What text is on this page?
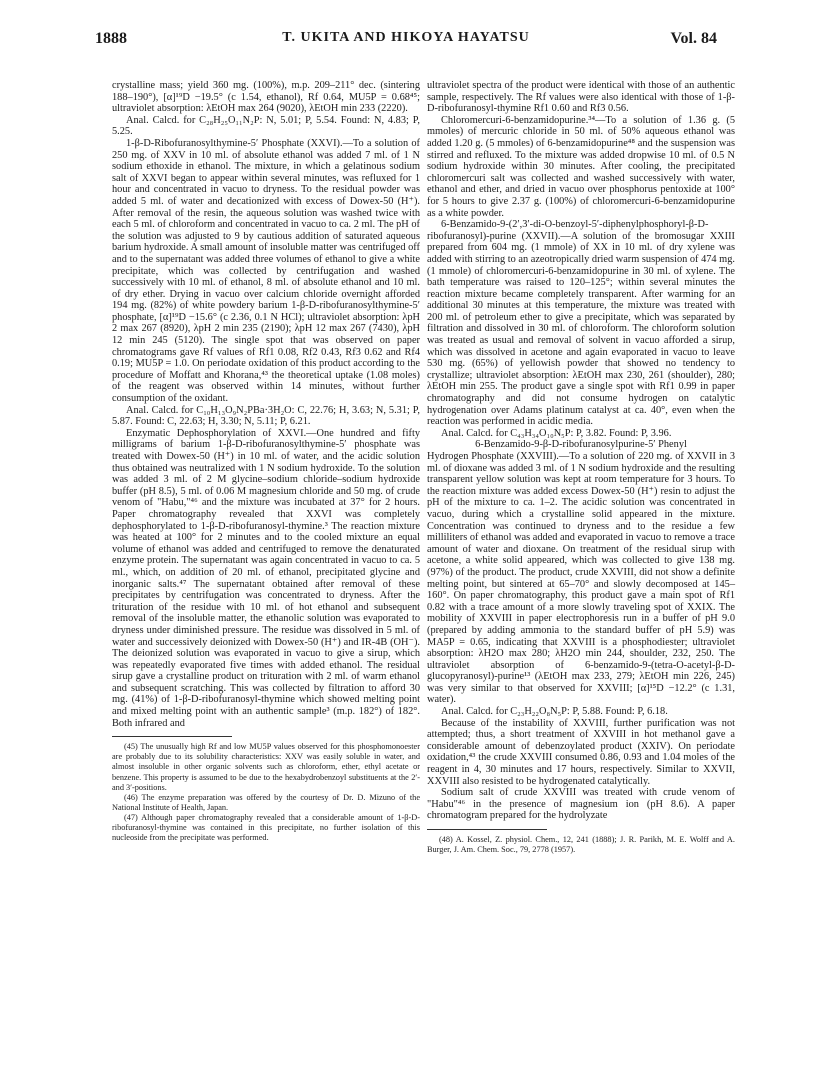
1888	T. UKITA AND HIKOYA HAYATSU	Vol. 84

crystalline mass; yield 360 mg. (100%), m.p. 209–211° dec. (sintering 188–190°), [α]¹⁹D −19.5° (c 1.54, ethanol), Rf 0.64, MU5P = 0.68⁴⁵; ultraviolet absorption: λEtOH max 264 (9020), λEtOH min 233 (2220).

Anal. Calcd. for C₂₈H₂₅O₁₁N₂P: N, 5.01; P, 5.54. Found: N, 4.83; P, 5.25.

1-β-D-Ribofuranosylthymine-5′ Phosphate (XXVI).—To a solution of 250 mg. of XXV in 10 ml. of absolute ethanol was added 7 ml. of 1 N sodium ethoxide in ethanol. The mixture, in which a gelatinous sodium salt of XXVI began to appear within several minutes, was refluxed for 1 hour and concentrated in vacuo to dryness. To the residual powder was added 5 ml. of water and decationized with excess of Dowex-50 (H⁺). After removal of the resin, the aqueous solution was washed twice with each 5 ml. of chloroform and concentrated in vacuo to ca. 2 ml. The pH of the solution was adjusted to 9 by cautious addition of saturated aqueous barium hydroxide. A small amount of insoluble matter was centrifuged off and to the supernatant was added three volumes of ethanol to give a white precipitate, which was collected by centrifugation and washed successively with 10 ml. of ethanol, 8 ml. of absolute ethanol and 10 ml. of dry ether. Drying in vacuo over calcium chloride overnight afforded 194 mg. (82%) of white powdery barium 1-β-D-ribofuranosylthymine-5′ phosphate, [α]¹⁹D −15.6° (c 2.36, 0.1 N HCl); ultraviolet absorption: λpH 2 max 267 (8920), λpH 2 min 235 (2190); λpH 12 max 267 (7430), λpH 12 min 245 (5120). The single spot that was observed on paper chromatograms gave Rf values of Rf1 0.08, Rf2 0.43, Rf3 0.62 and Rf4 0.19; MU5P = 1.0. On periodate oxidation of this product according to the procedure of Moffatt and Khorana,⁴³ the theoretical uptake (1.08 moles) of the reagent was observed within 14 minutes, without further consumption of the oxidant.

Anal. Calcd. for C₁₀H₁₃O₉N₂PBa·3H₂O: C, 22.76; H, 3.63; N, 5.31; P, 5.87. Found: C, 22.63; H, 3.30; N, 5.11; P, 6.21.

Enzymatic Dephosphorylation of XXVI.—One hundred and fifty milligrams of barium 1-β-D-ribofuranosylthymine-5′ phosphate was treated with Dowex-50 (H⁺) in 10 ml. of water, and the acidic solution thus obtained was neutralized with 1 N sodium hydroxide. To the solution was added 3 ml. of 2 M glycine–sodium chloride–sodium hydroxide buffer (pH 8.5), 5 ml. of 0.06 M magnesium chloride and 50 mg. of crude venom of "Habu,"⁴⁶ and the mixture was incubated at 37° for 2 hours. Paper chromatography revealed that XXVI was completely dephosphorylated to 1-β-D-ribofuranosyl-thymine.³ The reaction mixture was heated at 100° for 2 minutes and to the cooled mixture an equal volume of ethanol was added and centrifuged to remove the denaturated enzyme protein. The supernatant was again concentrated in vacuo to ca. 5 ml., which, on addition of 20 ml. of ethanol, precipitated glycine and inorganic salts.⁴⁷ The supernatant obtained after removal of these precipitates by centrifugation was concentrated to dryness. After the trituration of the residue with 10 ml. of hot ethanol and subsequent removal of the insoluble matter, the ethanolic solution was evaporated to dryness under diminished pressure. The residue was dissolved in 5 ml. of water and successively deionized with Dowex-50 (H⁺) and IR-4B (OH⁻). The deionized solution was evaporated in vacuo to give a sirup, which was repeatedly evaporated five times with added ethanol. The residual sirup gave a crystalline product on trituration with 2 ml. of warm ethanol and subsequent scratching. This was collected by filtration to afford 30 mg. (41%) of 1-β-D-ribofuranosyl-thymine which showed melting point and mixed melting point with an authentic sample³ (m.p. 182°) of 182°. Both infrared and

(45) The unusually high Rf and low MU5P values observed for this phosphomonoester are probably due to its solubility characteristics: XXV was easily soluble in water, and almost insoluble in other organic solvents such as chloroform, ether, ethyl acetate or benzene. This property is assumed to be due to the hexabydrobenzoyl substituents at the 2′- and 3′-positions.

(46) The enzyme preparation was offered by the courtesy of Dr. D. Mizuno of the National Institute of Health, Japan.

(47) Although paper chromatography revealed that a considerable amount of 1-β-D-ribofuranosyl-thymine was contained in this precipitate, no further isolation of this nucleoside from the precipitate was performed.

ultraviolet spectra of the product were identical with those of an authentic sample, respectively. The Rf values were also identical with those of 1-β-D-ribofuranosyl-thymine Rf1 0.60 and Rf3 0.56.

Chloromercuri-6-benzamidopurine.³⁴—To a solution of 1.36 g. (5 mmoles) of mercuric chloride in 50 ml. of 50% aqueous ethanol was added 1.20 g. (5 mmoles) of 6-benzamidopurine⁴⁸ and the suspension was stirred and refluxed. To the mixture was added dropwise 10 ml. of 0.5 N sodium hydroxide within 30 minutes. After cooling, the precipitated chloromercuri salt was collected and washed successively with water, ethanol and ether, and dried in vacuo over phosphorus pentoxide at 100° for 5 hours to give 2.37 g. (100%) of chloromercuri-6-benzamidopurine as a white powder.

6-Benzamido-9-(2′,3′-di-O-benzoyl-5′-diphenylphosphoryl-β-D-ribofuranosyl)-purine (XXVII).—A solution of the bromosugar XXIII prepared from 604 mg. (1 mmole) of XX in 10 ml. of dry xylene was added with stirring to an azeotropically dried warm suspension of 474 mg. (1 mmole) of chloromercuri-6-benzamidopurine in 30 ml. of xylene. The bath temperature was raised to 120–125°; within several minutes the reaction mixture became completely transparent. After warming for an additional 30 minutes at this temperature, the mixture was treated with 200 ml. of petroleum ether to give a precipitate, which was separated by filtration and dissolved in 30 ml. of chloroform. The chloroform solution was treated as usual and removal of solvent in vacuo afforded a sirup, which was dissolved in acetone and again evaporated in vacuo to leave 530 mg. (65%) of yellowish powder that showed no tendency to crystallize; ultraviolet absorption: λEtOH max 230, 261 (shoulder), 280; λEtOH min 255. The product gave a single spot with Rf1 0.99 in paper chromatography and did not consume hydrogen on catalytic hydrogenation over Adams platinum catalyst at ca. 40°, even when the reaction was performed in acidic media.

Anal. Calcd. for C₄₃H₃₄O₁₀N₅P: P, 3.82. Found: P, 3.96.

6-Benzamido-9-β-D-ribofuranosylpurine-5′ Phenyl

Hydrogen Phosphate (XXVIII).—To a solution of 220 mg. of XXVII in 3 ml. of dioxane was added 3 ml. of 1 N sodium hydroxide and the resulting transparent yellow solution was kept at room temperature for 3 hours. To the reaction mixture was added excess Dowex-50 (H⁺) resin to adjust the pH of the mixture to ca. 1–2. The acidic solution was concentrated in vacuo, during which a crystalline solid appeared in the mixture. Concentration was continued to dryness and to the residue a few milliliters of ethanol was added and evaporated in vacuo to remove a trace amount of water and dioxane. On treatment of the residual sirup with acetone, a white solid appeared, which was collected to give 138 mg. (97%) of the product. The product, crude XXVIII, did not show a definite melting point, but sintered at 65–70° and slowly decomposed at 145–160°. On paper chromatography, this product gave a main spot of Rf1 0.82 with a trace amount of a more slowly traveling spot of XXIX. The mobility of XXVIII in paper electrophoresis run in a buffer of pH 9.0 (prepared by adding ammonia to the standard buffer of pH 5.9) was MA5P = 0.65, indicating that XXVIII is a phosphodiester; ultraviolet absorption: λH2O max 280; λH2O min 244, shoulder, 232, 250. The ultraviolet absorption of 6-benzamido-9-(tetra-O-acetyl-β-D-glucopyranosyl)-purine¹³ (λEtOH max 233, 279; λEtOH min 226, 245) was very similar to that observed for XXVIII; [α]¹⁵D −12.2° (c 1.31, water).

Anal. Calcd. for C₂₃H₂₂O₈N₅P: P, 5.88. Found: P, 6.18.

Because of the instability of XXVIII, further purification was not attempted; thus, a short treatment of XXVIII in hot methanol gave a considerable amount of debenzoylated product (XXIV). On periodate oxidation,⁴³ the crude XXVIII consumed 0.86, 0.93 and 1.04 moles of the reagent in 4, 30 minutes and 17 hours, respectively. Similar to XXVII, XXVIII also resisted to be hydrogenated catalytically.

Sodium salt of crude XXVIII was treated with crude venom of "Habu"⁴⁶ in the presence of magnesium ion (pH 8.6). A paper chromatogram prepared for the hydrolyzate

(48) A. Kossel, Z. physiol. Chem., 12, 241 (1888); J. R. Parikh, M. E. Wolff and A. Burger, J. Am. Chem. Soc., 79, 2778 (1957).
